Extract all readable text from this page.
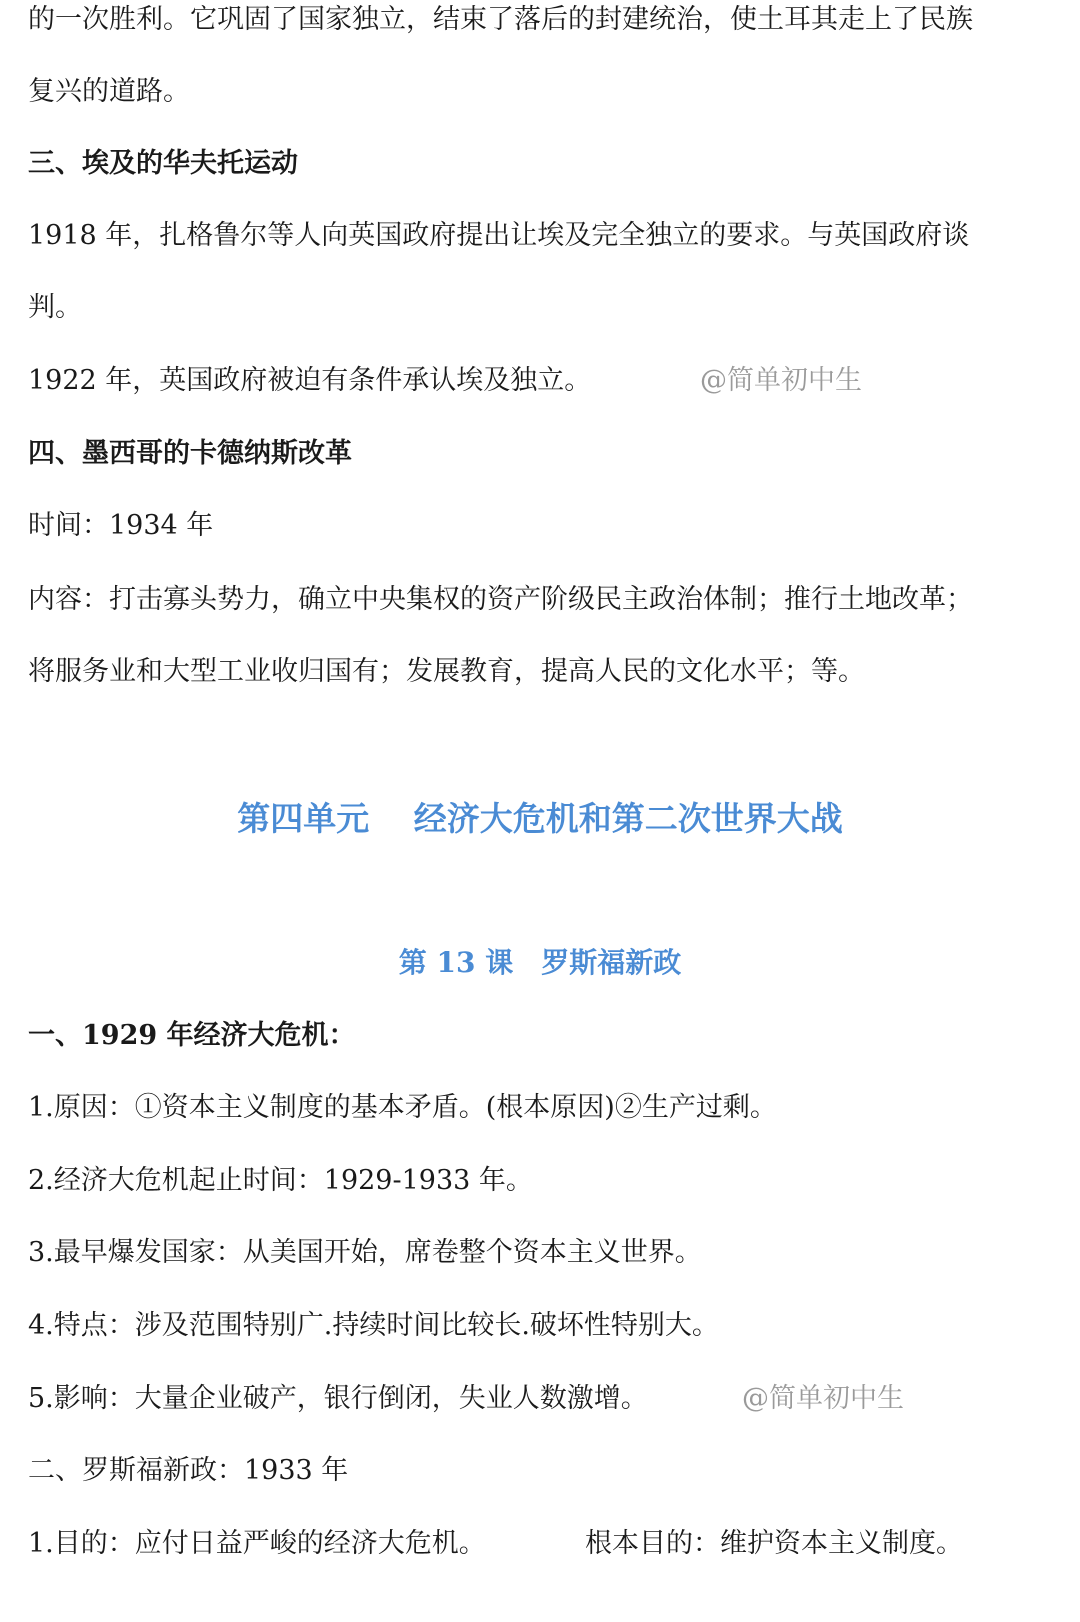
的一次胜利。它巩固了国家独立，结束了落后的封建统治，使土耳其走上了民族
复兴的道路。
三、埃及的华夫托运动
1918 年，扎格鲁尔等人向英国政府提出让埃及完全独立的要求。与英国政府谈
判。
1922 年，英国政府被迫有条件承认埃及独立。	@简单初中生
四、墨西哥的卡德纳斯改革
时间：1934 年
内容：打击寡头势力，确立中央集权的资产阶级民主政治体制；推行土地改革；
将服务业和大型工业收归国有；发展教育，提高人民的文化水平；等。
第四单元　 经济大危机和第二次世界大战
第 13 课　罗斯福新政
一、1929 年经济大危机：
1.原因：①资本主义制度的基本矛盾。(根本原因)②生产过剩。
2.经济大危机起止时间：1929-1933 年。
3.最早爆发国家：从美国开始，席卷整个资本主义世界。
4.特点：涉及范围特别广.持续时间比较长.破坏性特别大。
5.影响：大量企业破产，银行倒闭，失业人数激增。	@简单初中生
二、罗斯福新政：1933 年
1.目的：应付日益严峻的经济大危机。	根本目的：维护资本主义制度。
